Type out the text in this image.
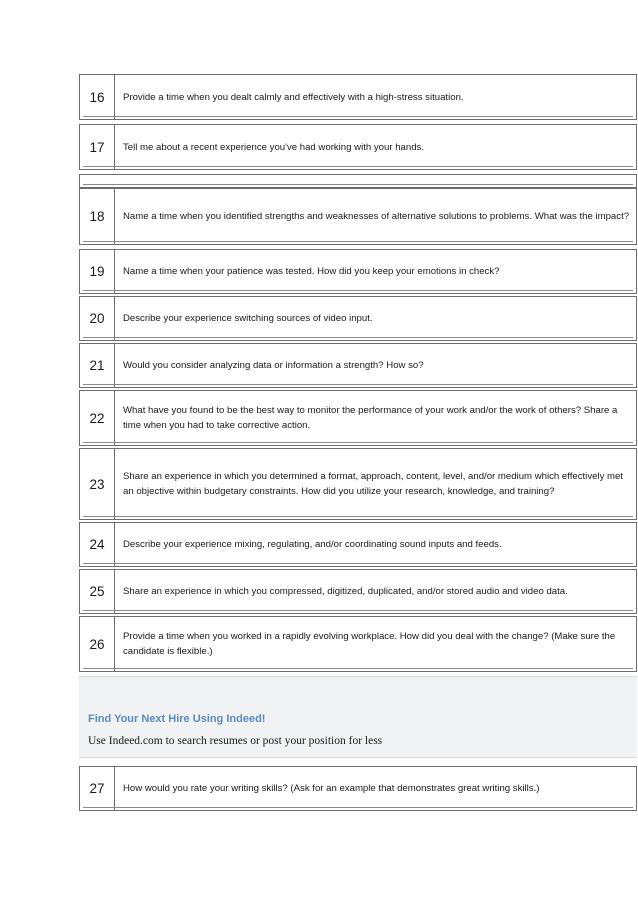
16	Provide a time when you dealt calmly and effectively with a high-stress situation.
17	Tell me about a recent experience you've had working with your hands.
18	Name a time when you identified strengths and weaknesses of alternative solutions to problems. What was the impact?
19	Name a time when your patience was tested. How did you keep your emotions in check?
20	Describe your experience switching sources of video input.
21	Would you consider analyzing data or information a strength? How so?
22	What have you found to be the best way to monitor the performance of your work and/or the work of others? Share a time when you had to take corrective action.
23	Share an experience in which you determined a format, approach, content, level, and/or medium which effectively met an objective within budgetary constraints. How did you utilize your research, knowledge, and training?
24	Describe your experience mixing, regulating, and/or coordinating sound inputs and feeds.
25	Share an experience in which you compressed, digitized, duplicated, and/or stored audio and video data.
26	Provide a time when you worked in a rapidly evolving workplace. How did you deal with the change? (Make sure the candidate is flexible.)
Find Your Next Hire Using Indeed!
Use Indeed.com to search resumes or post your position for less
27	How would you rate your writing skills? (Ask for an example that demonstrates great writing skills.)
